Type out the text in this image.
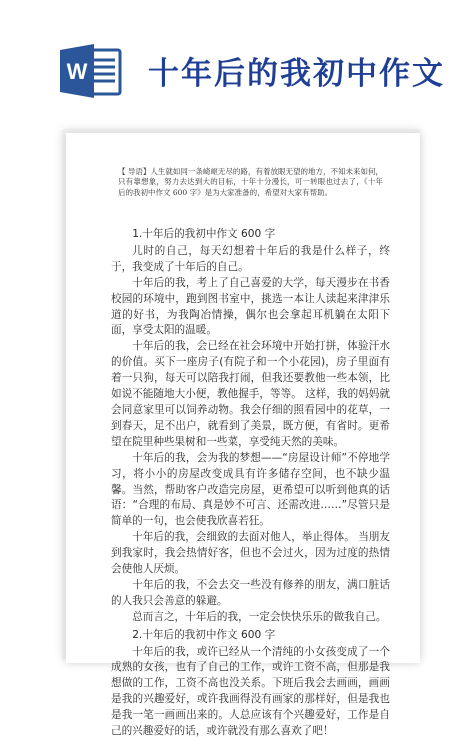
W 十年后的我初中作文
【 导语】人生就如同一条崎岖无尽的路，有着放眼无望的地方，不知未来如何，只有靠想象，努力去达到大的目标，十年十分漫长，可一转眼也过去了，《十年后的我初中作文 600 字》是为大家准备的，希望对大家有帮助。

1.十年后的我初中作文 600 字

儿时的自己，每天幻想着十年后的我是什么样子，终于，我变成了十年后的自己。

十年后的我，考上了自己喜爱的大学，每天漫步在书香校园的环境中，跑到图书室中，挑选一本让人读起来津津乐道的好书，为我陶冶情操，偶尔也会拿起耳机躺在太阳下面，享受太阳的温暖。

十年后的我，会已经在社会环境中开始打拼，体验汗水的价值。买下一座房子(有院子和一个小花园)，房子里面有着一只狗，每天可以陪我打闹，但我还要教他一些本领，比如说不能随地大小便，教他握手，等等。 这样，我的妈妈就会同意家里可以饲养动物。我会仔细的照看园中的花草，一到春天，足不出户，就看到了美景，既方便，有省时。更希望在院里种些果树和一些菜，享受纯天然的美味。

十年后的我，会为我的梦想——“房屋设计师”不停地学习，将小小的房屋改变成具有许多储存空间，也不缺少温馨。当然，帮助客户改造完房屋，更希望可以听到他真的话语：“合理的布局、真是妙不可言、还需改进……”尽管只是简单的一句，也会使我欣喜若狂。

十年后的我，会细致的去面对他人，举止得体。 当朋友到我家时，我会热情好客，但也不会过火，因为过度的热情会使他人厌烦。

十年后的我，不会去交一些没有修养的朋友，满口脏话的人我只会善意的躲避。

总而言之，十年后的我，一定会快快乐乐的做我自己。

2.十年后的我初中作文 600 字

十年后的我，或许已经从一个清纯的小女孩变成了一个成熟的女孩，也有了自己的工作，或许工资不高，但那是我想做的工作，工资不高也没关系。下班后我会去画画，画画是我的兴趣爱好，或许我画得没有画家的那样好，但是我也是我一笔一画画出来的。人总应该有个兴趣爱好，工作是自己的兴趣爱好的话，或许就没有那么喜欢了吧！
